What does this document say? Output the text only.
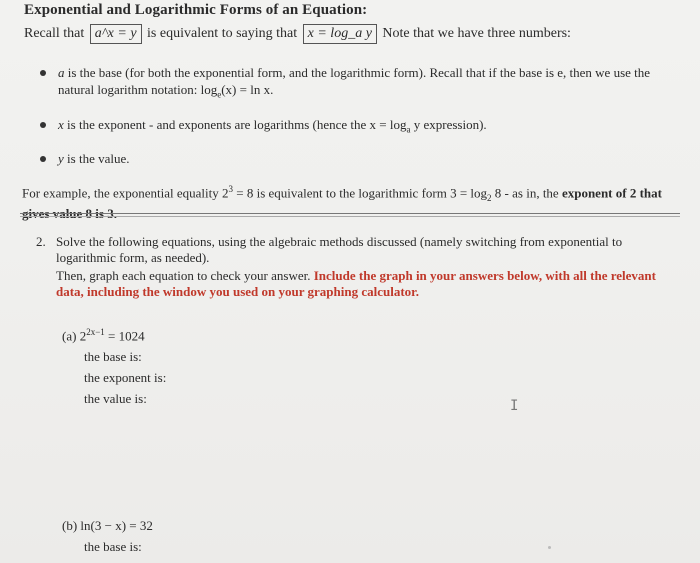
Exponential and Logarithmic Forms of an Equation:
Recall that a^x = y is equivalent to saying that x = log_a y Note that we have three numbers:
a is the base (for both the exponential form, and the logarithmic form). Recall that if the base is e, then we use the natural logarithm notation: $\log_e(x) = \ln x$.
x is the exponent - and exponents are logarithms (hence the $x = \log_a y$ expression).
y is the value.
For example, the exponential equality $2^3 = 8$ is equivalent to the logarithmic form $3 = \log_2 8$ - as in, the exponent of 2 that
2. Solve the following equations, using the algebraic methods discussed (namely switching from exponential to logarithmic form, as needed).
Then, graph each equation to check your answer. Include the graph in your answers below, with all the relevant data, including the window you used on your graphing calculator.
(a) $2^{2x-1} = 1024$
the base is:
the exponent is:
the value is:	I
(b) ln(3 − x) = 32
the base is:
